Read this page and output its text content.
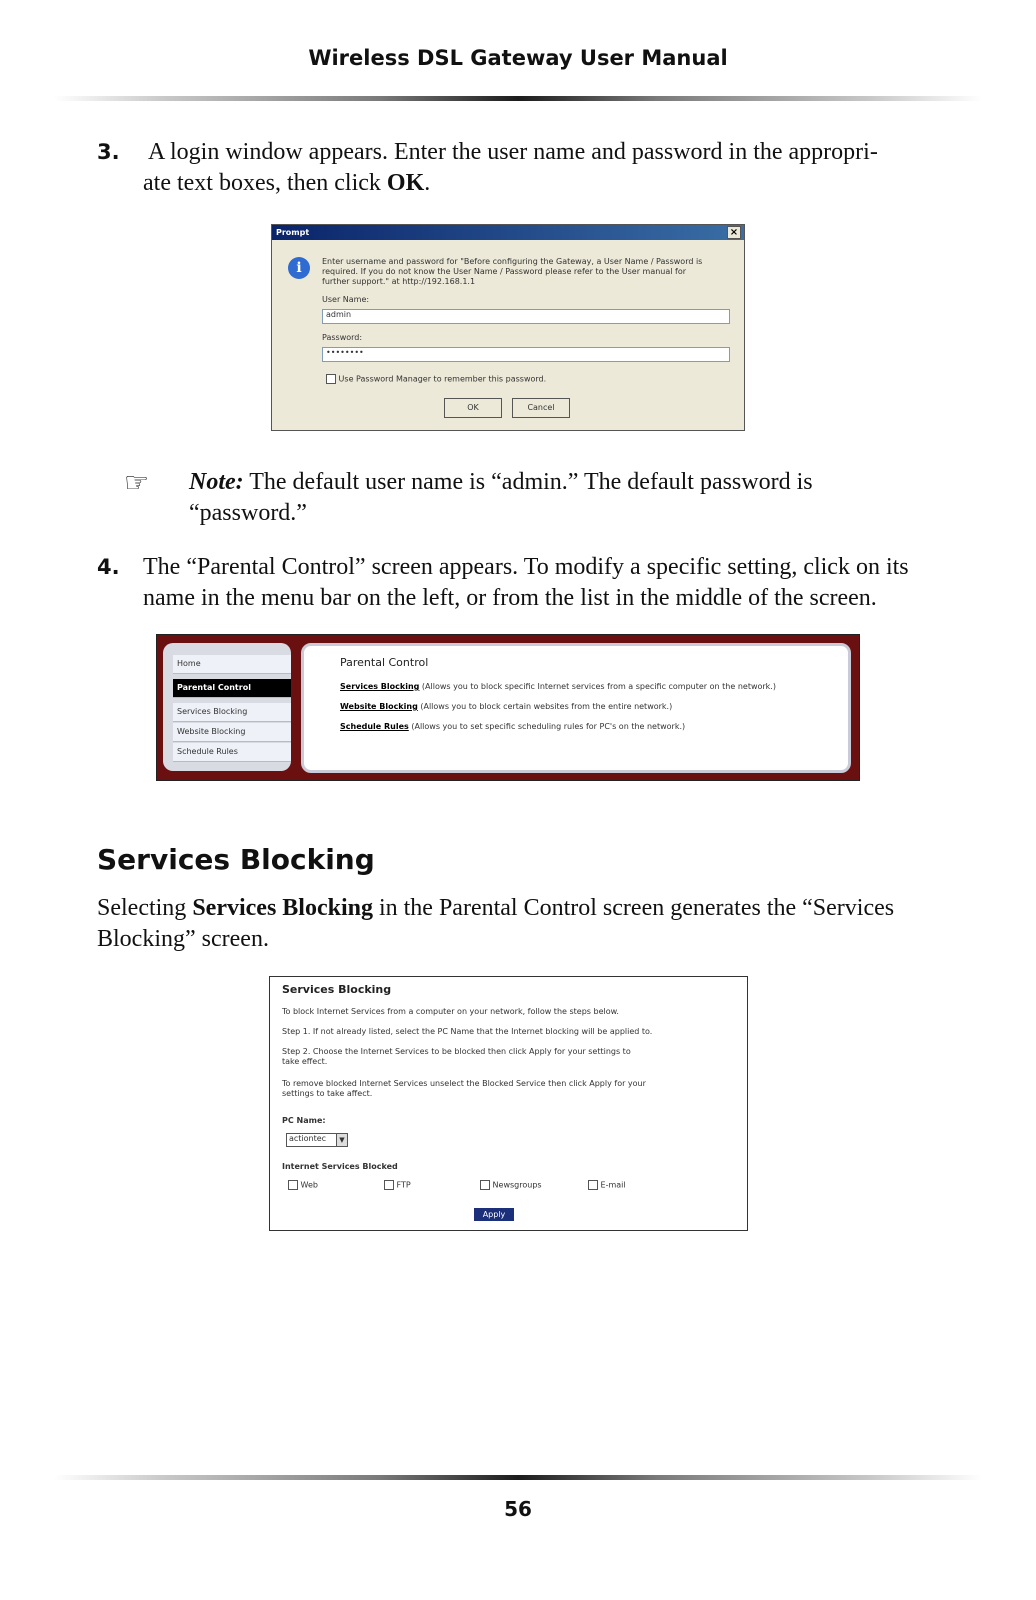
Wireless DSL Gateway User Manual
3. A login window appears. Enter the user name and password in the appropri-
ate text boxes, then click OK.
Prompt	×
i	Enter username and password for "Before configuring the Gateway, a User Name / Password is
required. If you do not know the User Name / Password please refer to the User manual for
further support." at http://192.168.1.1
User Name:
admin
Password:
••••••••
Use Password Manager to remember this password.
OK	Cancel
☞ Note: The default user name is “admin.” The default password is
“password.”
4. The “Parental Control” screen appears. To modify a specific setting, click on its
name in the menu bar on the left, or from the list in the middle of the screen.
Home
Parental Control
Services Blocking
Website Blocking
Schedule Rules
Parental Control
Services Blocking (Allows you to block specific Internet services from a specific computer on the network.)
Website Blocking (Allows you to block certain websites from the entire network.)
Schedule Rules (Allows you to set specific scheduling rules for PC's on the network.)
Services Blocking
Selecting Services Blocking in the Parental Control screen generates the “Services
Blocking” screen.
Services Blocking
To block Internet Services from a computer on your network, follow the steps below.
Step 1. If not already listed, select the PC Name that the Internet blocking will be applied to.
Step 2. Choose the Internet Services to be blocked then click Apply for your settings to
take effect.
To remove blocked Internet Services unselect the Blocked Service then click Apply for your
settings to take affect.
PC Name:
actiontec	▼
Internet Services Blocked
Web	FTP	Newsgroups	E-mail
Apply
56
